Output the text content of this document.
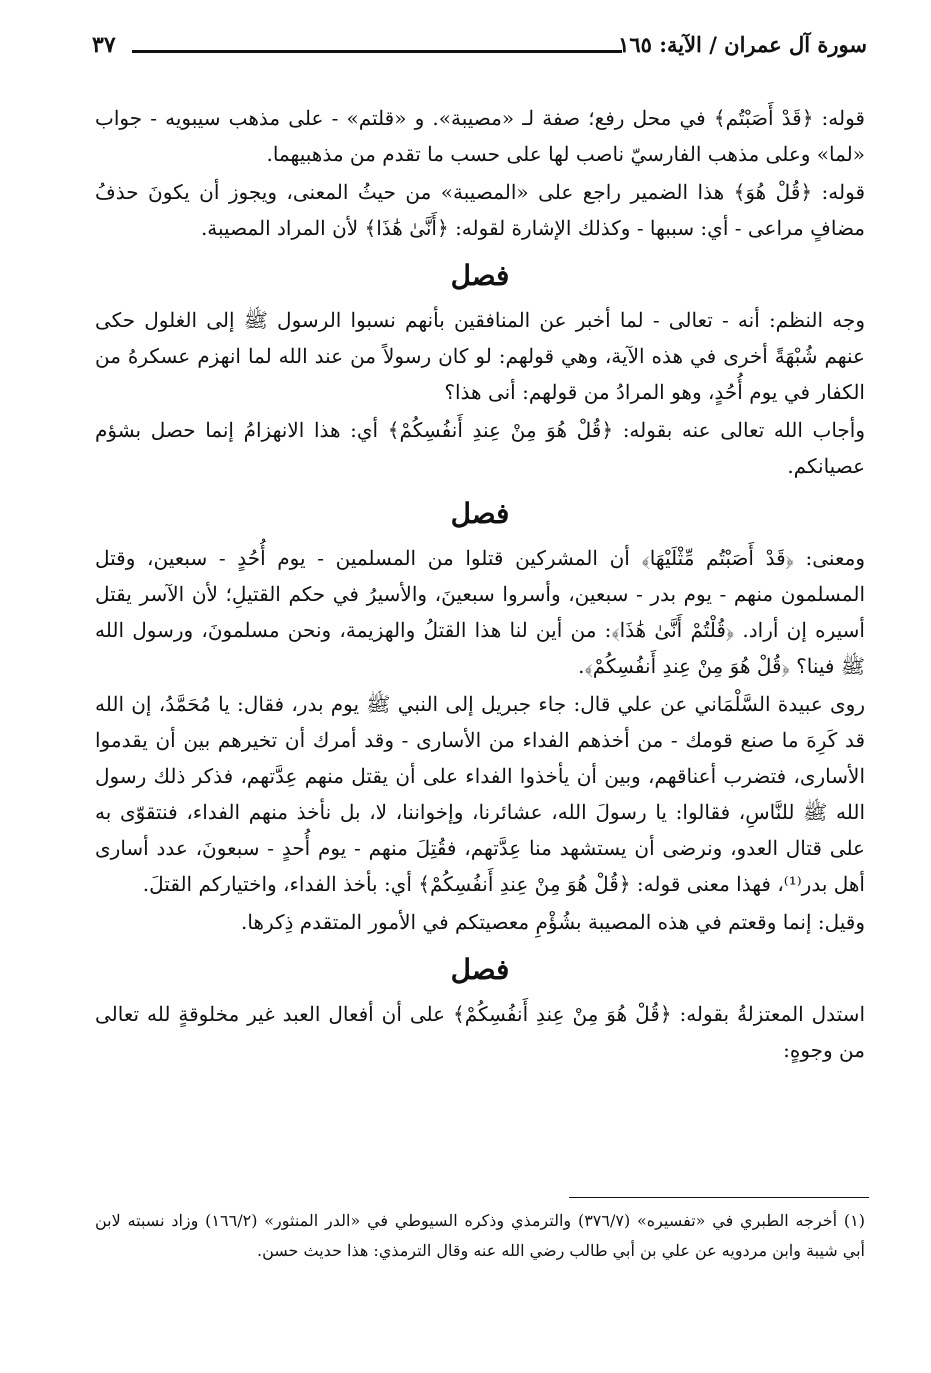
سورة آل عمران / الآية: ١٦٥
٣٧

قوله: ﴿قَدْ أَصَبْتُم﴾ في محل رفع؛ صفة لـ «مصيبة». و «قلتم» - على مذهب سيبويه - جواب «لما» وعلى مذهب الفارسيّ ناصب لها على حسب ما تقدم من مذهبيهما.

قوله: ﴿قُلْ هُوَ﴾ هذا الضمير راجع على «المصيبة» من حيثُ المعنى، ويجوز أن يكونَ حذفُ مضافٍ مراعى - أي: سببها - وكذلك الإشارة لقوله: ﴿أَنَّىٰ هَٰذَا﴾ لأن المراد المصيبة.

فصل

وجه النظم: أنه - تعالى - لما أخبر عن المنافقين بأنهم نسبوا الرسول ﷺ إلى الغلول حكى عنهم شُبْهَةً أخرى في هذه الآية، وهي قولهم: لو كان رسولاً من عند الله لما انهزم عسكرهُ من الكفار في يوم أُحُدٍ، وهو المرادُ من قولهم: أنى هذا؟

وأجاب الله تعالى عنه بقوله: ﴿قُلْ هُوَ مِنْ عِندِ أَنفُسِكُمْ﴾ أي: هذا الانهزامُ إنما حصل بشؤم عصيانكم.

فصل

ومعنى: ﴿قَدْ أَصَبْتُم مِّثْلَيْهَا﴾ أن المشركين قتلوا من المسلمين - يوم أُحُدٍ - سبعين، وقتل المسلمون منهم - يوم بدر - سبعين، وأسروا سبعينَ، والأسيرُ في حكم القتيلِ؛ لأن الآسر يقتل أسيره إن أراد. ﴿قُلْتُمْ أَنَّىٰ هَٰذَا﴾: من أين لنا هذا القتلُ والهزيمة، ونحن مسلمونَ، ورسول الله ﷺ فينا؟ ﴿قُلْ هُوَ مِنْ عِندِ أَنفُسِكُمْ﴾.

روى عبيدة السَّلْمَاني عن علي قال: جاء جبريل إلى النبي ﷺ يوم بدر، فقال: يا مُحَمَّدُ، إن الله قد كَرِهَ ما صنع قومك - من أخذهم الفداء من الأسارى - وقد أمرك أن تخيرهم بين أن يقدموا الأسارى، فتضرب أعناقهم، وبين أن يأخذوا الفداء على أن يقتل منهم عِدَّتهم، فذكر ذلك رسول الله ﷺ للنَّاسِ، فقالوا: يا رسولَ الله، عشائرنا، وإخواننا، لا، بل نأخذ منهم الفداء، فنتقوّى به على قتال العدو، ونرضى أن يستشهد منا عِدَّتهم، فقُتِلَ منهم - يوم أُحدٍ - سبعونَ، عدد أسارى أهل بدر⁽¹⁾، فهذا معنى قوله: ﴿قُلْ هُوَ مِنْ عِندِ أَنفُسِكُمْ﴾ أي: بأخذ الفداء، واختياركم القتلَ.

وقيل: إنما وقعتم في هذه المصيبة بشُؤْمِ معصيتكم في الأمور المتقدم ذِكرها.

فصل

استدل المعتزلةُ بقوله: ﴿قُلْ هُوَ مِنْ عِندِ أَنفُسِكُمْ﴾ على أن أفعال العبد غير مخلوقةٍ لله تعالى من وجوهٍ:

(١) أخرجه الطبري في «تفسيره» (٣٧٦/٧) والترمذي وذكره السيوطي في «الدر المنثور» (١٦٦/٢) وزاد نسبته لابن أبي شيبة وابن مردويه عن علي بن أبي طالب رضي الله عنه وقال الترمذي: هذا حديث حسن.
